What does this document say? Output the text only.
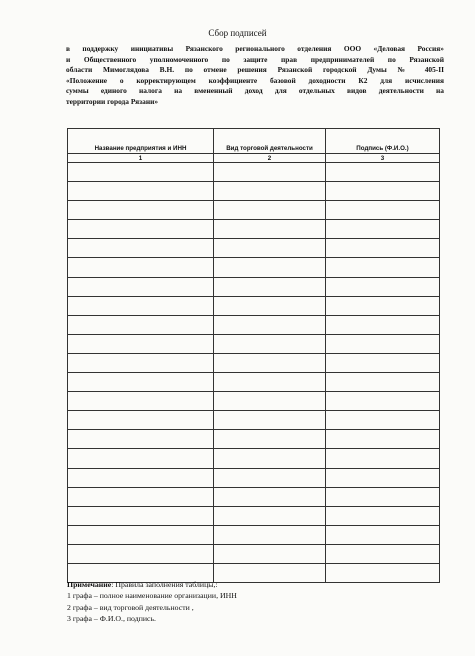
Сбор подписей
в поддержку инициативы Рязанского регионального отделения ООО «Деловая Россия»
и Общественного уполномоченного по защите прав предпринимателей по Рязанской
области Мимоглядова В.Н. по отмене решения Рязанской городской Думы № 405-II
«Положение о корректирующем коэффициенте базовой доходности К2 для исчисления
суммы единого налога на вмененный доход для отдельных видов деятельности на
территории города Рязани»
Название предприятия и ИНН	Вид торговой деятельности	Подпись (Ф.И.О.)
1	2	3

Примечание: Правила заполнения таблицы,:
1 графа – полное наименование организации, ИНН
2 графа – вид торговой деятельности ,
3 графа – Ф.И.О., подпись.
